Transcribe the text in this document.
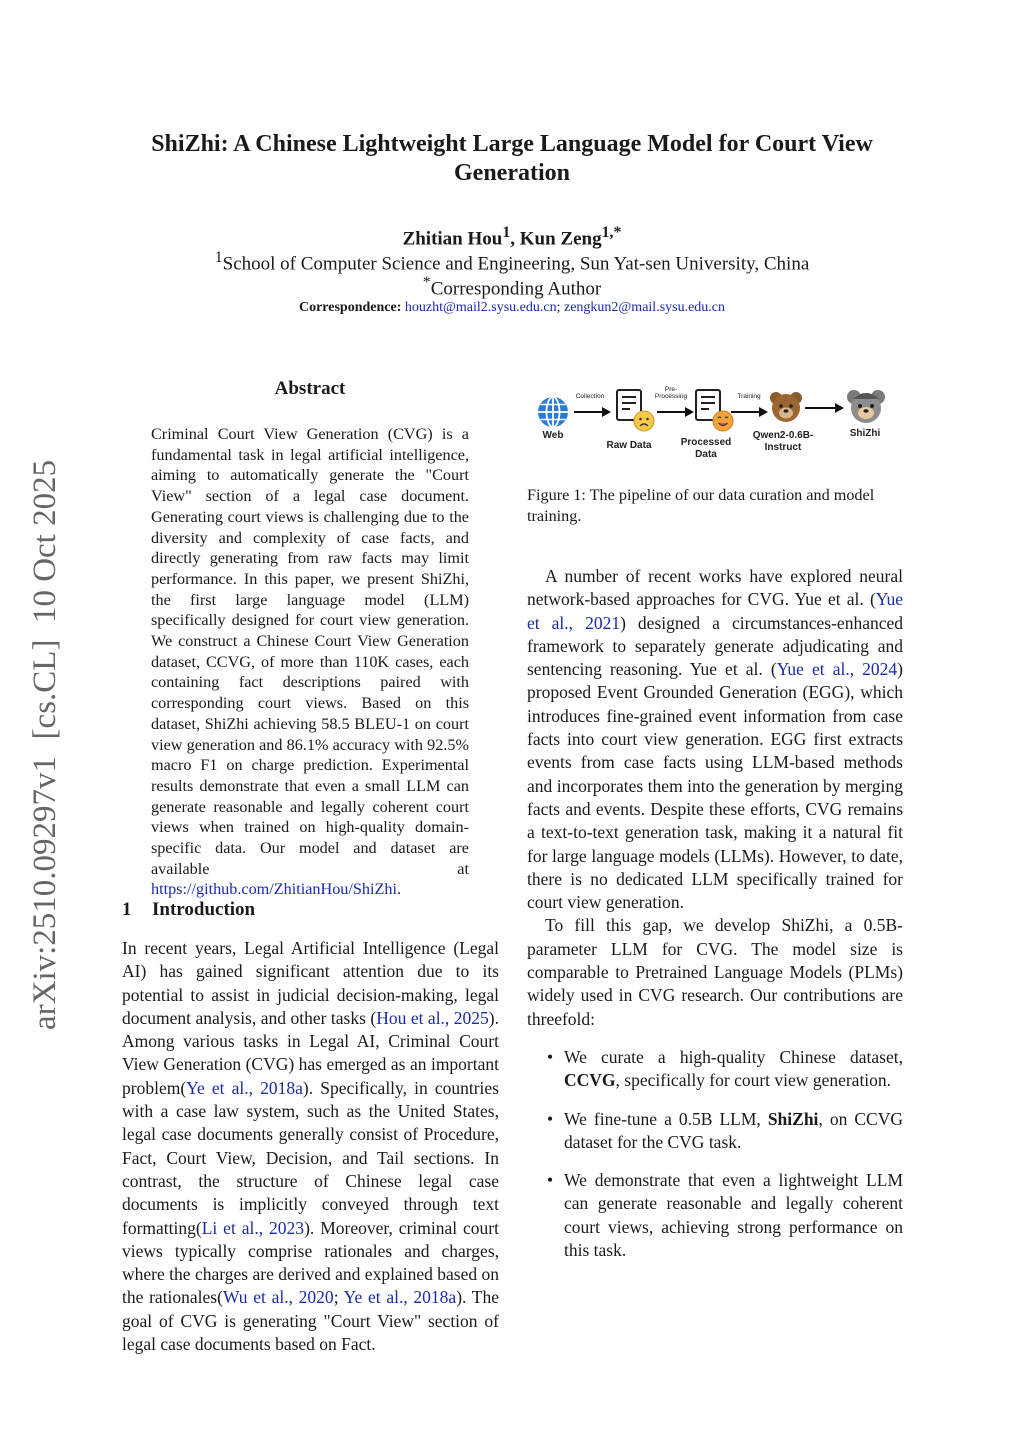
ShiZhi: A Chinese Lightweight Large Language Model for Court View Generation
Zhitian Hou$^1$, Kun Zeng$^{1,*}$
$^1$School of Computer Science and Engineering, Sun Yat-sen University, China
*Corresponding Author
Correspondence: houzht@mail2.sysu.edu.cn; zengkun2@mail.sysu.edu.cn
arXiv:2510.09297v1  [cs.CL]  10 Oct 2025
Abstract
Criminal Court View Generation (CVG) is a fundamental task in legal artificial intelligence, aiming to automatically generate the "Court View" section of a legal case document. Generating court views is challenging due to the diversity and complexity of case facts, and directly generating from raw facts may limit performance. In this paper, we present ShiZhi, the first large language model (LLM) specifically designed for court view generation. We construct a Chinese Court View Generation dataset, CCVG, of more than 110K cases, each containing fact descriptions paired with corresponding court views. Based on this dataset, ShiZhi achieving 58.5 BLEU-1 on court view generation and 86.1% accuracy with 92.5% macro F1 on charge prediction. Experimental results demonstrate that even a small LLM can generate reasonable and legally coherent court views when trained on high-quality domain-specific data. Our model and dataset are available at https://github.com/ZhitianHou/ShiZhi.
1 Introduction
In recent years, Legal Artificial Intelligence (Legal AI) has gained significant attention due to its potential to assist in judicial decision-making, legal document analysis, and other tasks (Hou et al., 2025). Among various tasks in Legal AI, Criminal Court View Generation (CVG) has emerged as an important problem(Ye et al., 2018a). Specifically, in countries with a case law system, such as the United States, legal case documents generally consist of Procedure, Fact, Court View, Decision, and Tail sections. In contrast, the structure of Chinese legal case documents is implicitly conveyed through text formatting(Li et al., 2023). Moreover, criminal court views typically comprise rationales and charges, where the charges are derived and explained based on the rationales(Wu et al., 2020; Ye et al., 2018a). The goal of CVG is generating "Court View" section of legal case documents based on Fact.
Web
Collection
Raw Data
Pre-Processing
Processed Data
Training
Qwen2-0.6B-Instruct
ShiZhi
Figure 1: The pipeline of our data curation and model training.

A number of recent works have explored neural network-based approaches for CVG. Yue et al. (Yue et al., 2021) designed a circumstances-enhanced framework to separately generate adjudicating and sentencing reasoning. Yue et al. (Yue et al., 2024) proposed Event Grounded Generation (EGG), which introduces fine-grained event information from case facts into court view generation. EGG first extracts events from case facts using LLM-based methods and incorporates them into the generation by merging facts and events. Despite these efforts, CVG remains a text-to-text generation task, making it a natural fit for large language models (LLMs). However, to date, there is no dedicated LLM specifically trained for court view generation.

To fill this gap, we develop ShiZhi, a 0.5B-parameter LLM for CVG. The model size is comparable to Pretrained Language Models (PLMs) widely used in CVG research. Our contributions are threefold:

• We curate a high-quality Chinese dataset, CCVG, specifically for court view generation.
• We fine-tune a 0.5B LLM, ShiZhi, on CCVG dataset for the CVG task.
• We demonstrate that even a lightweight LLM can generate reasonable and legally coherent court views, achieving strong performance on this task.
